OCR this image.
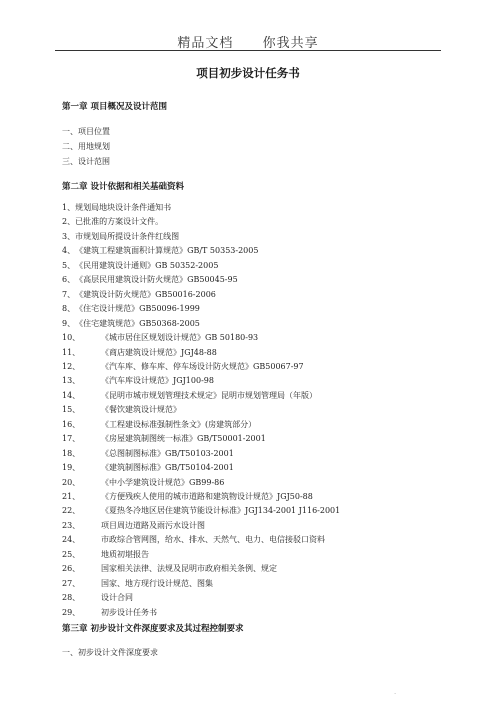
精品文档 你我共享
项目初步设计任务书
第一章 项目概况及设计范围
一、项目位置
二、用地规划
三、设计范围
第二章 设计依据和相关基础资料
1、规划局地块设计条件通知书
2、已批准的方案设计文件。
3、市规划局所提设计条件红线图
4、《建筑工程建筑面积计算规范》GB/T 50353-2005
5、《民用建筑设计通则》GB 50352-2005
6、《高层民用建筑设计防火规范》GB50045-95
7、《建筑设计防火规范》GB50016-2006
8、《住宅设计规范》GB50096-1999
9、《住宅建筑规范》GB50368-2005
10、	《城市居住区规划设计规范》GB 50180-93
11、	《商店建筑设计规范》JGJ48-88
12、	《汽车库、修车库、停车场设计防火规范》GB50067-97
13、	《汽车库设计规范》JGJ100-98
14、	《昆明市城市规划管理技术规定》昆明市规划管理局（年版）
15、	《餐饮建筑设计规范》
16、	《工程建设标准强制性条文》(房建筑部分）
17、	《房屋建筑制图统一标准》GB/T50001-2001
18、	《总图制图标准》GB/T50103-2001
19、	《建筑制图标准》GB/T50104-2001
20、	《中小学建筑设计规范》GB99-86
21、	《方便残疾人使用的城市道路和建筑物设计规范》JGJ50-88
22、	《夏热冬冷地区居住建筑节能设计标准》JGJ134-2001 J116-2001
23、	项目周边道路及雨污水设计图
24、	市政综合管网图，给水、排水、天然气、电力、电信接驳口资料
25、	地质初堪报告
26、	国家相关法律、法规及昆明市政府相关条例、规定
27、	国家、地方现行设计规范、图集
28、	设计合同
29、	初步设计任务书
第三章 初步设计文件深度要求及其过程控制要求
一、初步设计文件深度要求
.
